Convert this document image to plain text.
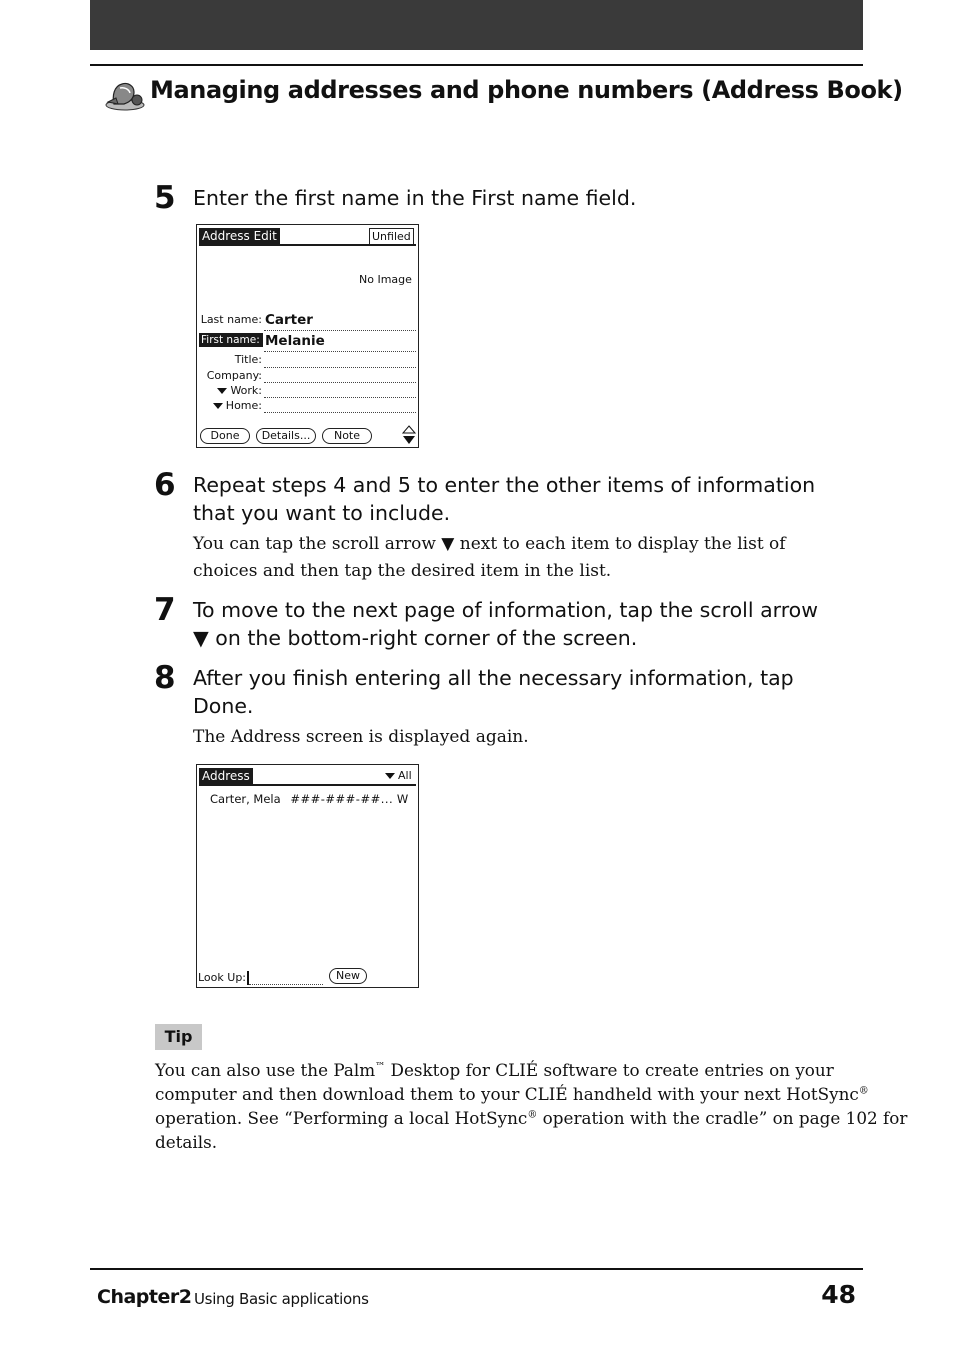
Managing addresses and phone numbers (Address Book)
5 Enter the first name in the First name field.
Address Edit	Unfiled
No Image
Last name: Carter
First name: Melanie
Title:
Company:
Work:
Home:
Done	Details...	Note
6 Repeat steps 4 and 5 to enter the other items of information
that you want to include.
You can tap the scroll arrow ▼ next to each item to display the list of
choices and then tap the desired item in the list.
7 To move to the next page of information, tap the scroll arrow
▼ on the bottom-right corner of the screen.
8 After you finish entering all the necessary information, tap
Done.
The Address screen is displayed again.
Address	All
Carter, Mela ###-###-##... W
Look Up:	New
Tip
You can also use the Palm™ Desktop for CLIÉ software to create entries on your
computer and then download them to your CLIÉ handheld with your next HotSync®
operation. See “Performing a local HotSync® operation with the cradle” on page 102 for
details.
Chapter2 Using Basic applications	48
